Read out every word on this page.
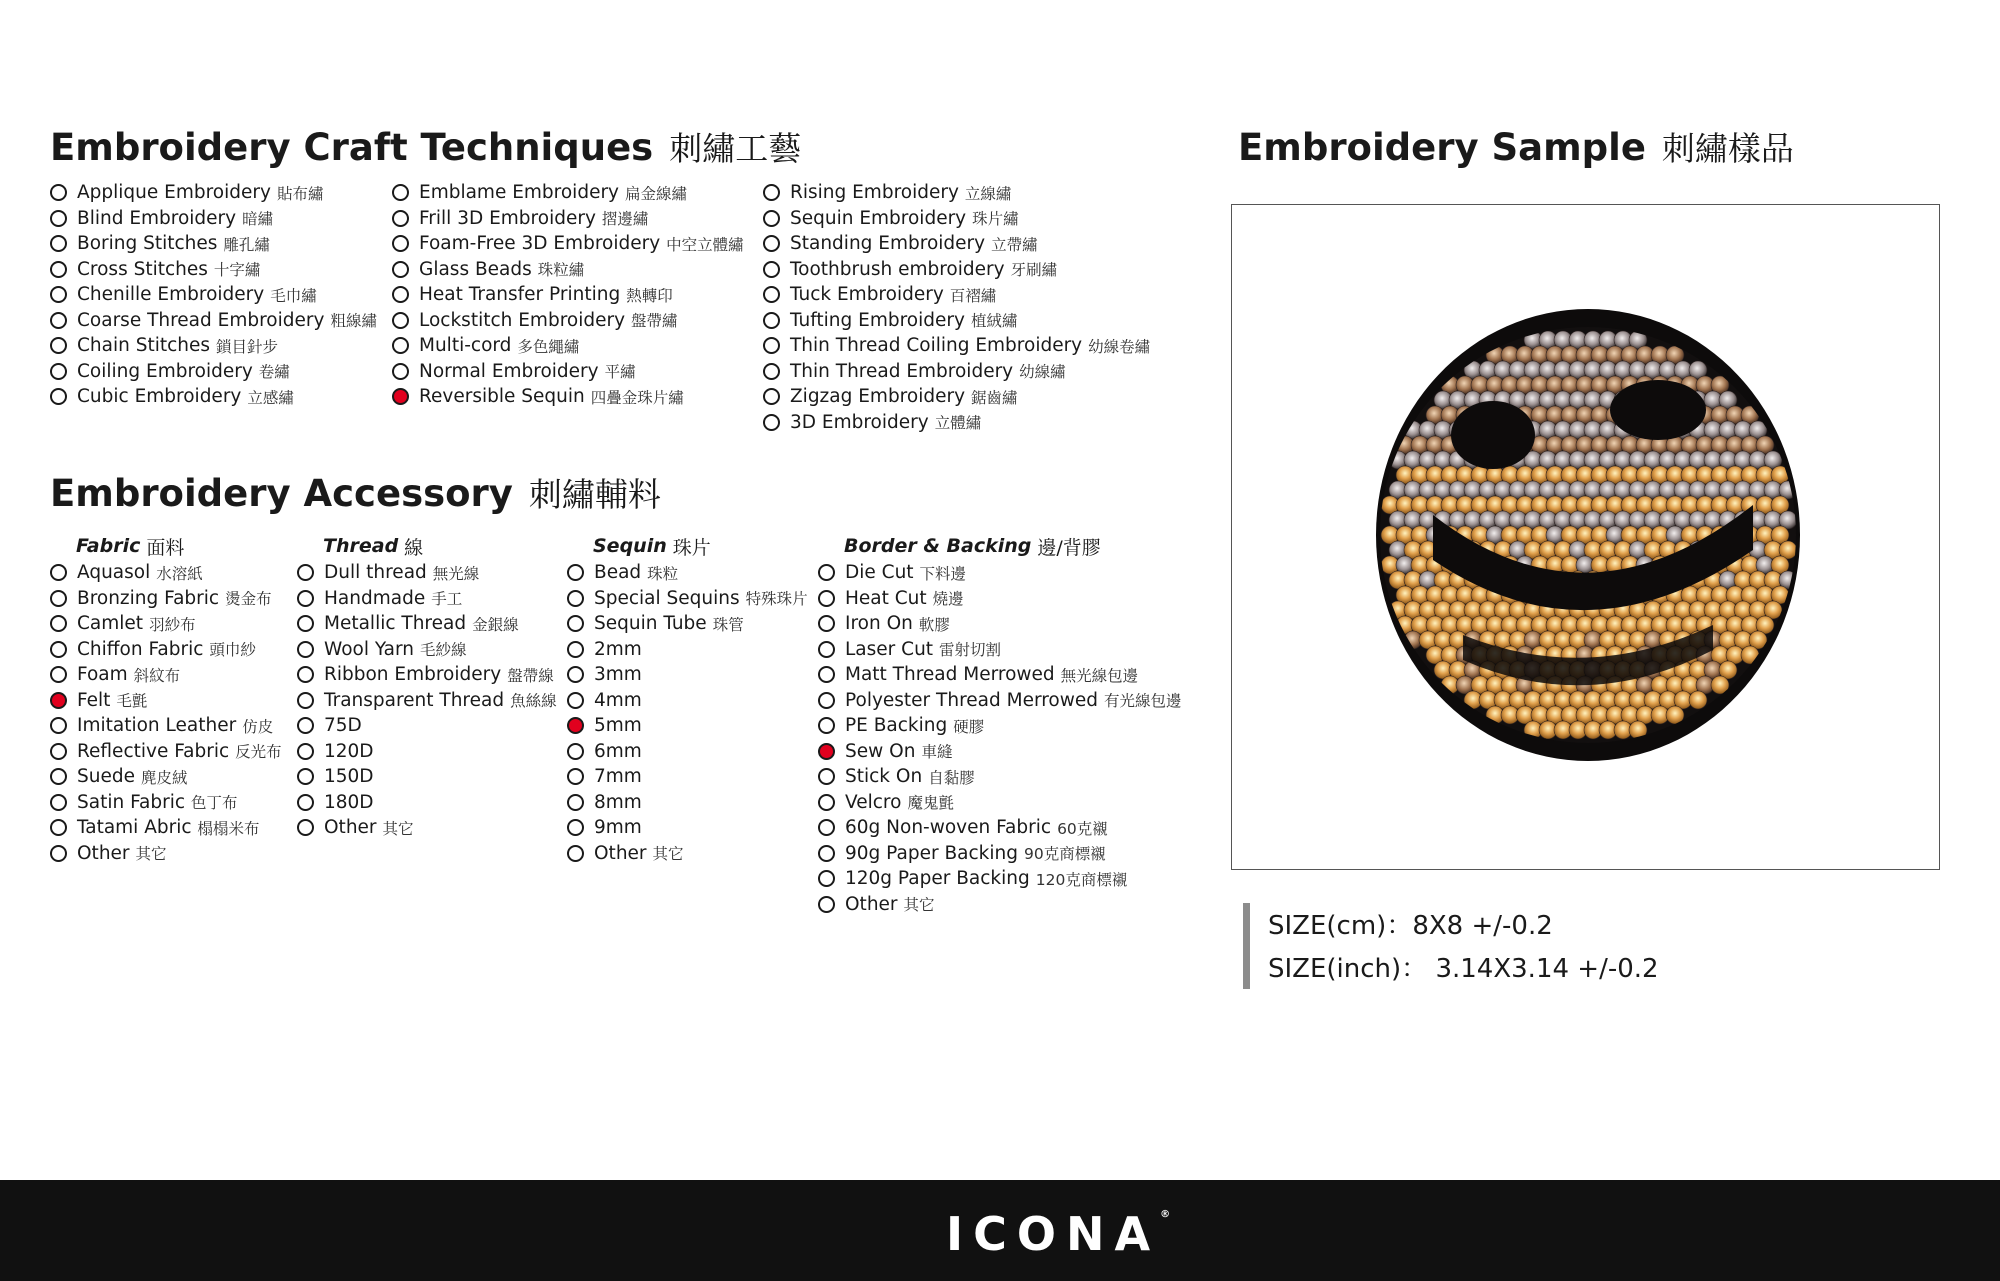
Embroidery Craft Techniques 刺繡工藝
Applique Embroidery 貼布繡
Blind Embroidery 暗繡
Boring Stitches 雕孔繡
Cross Stitches 十字繡
Chenille Embroidery 毛巾繡
Coarse Thread Embroidery 粗線繡
Chain Stitches 鎖目針步
Coiling Embroidery 卷繡
Cubic Embroidery 立感繡
Emblame Embroidery 扁金線繡
Frill 3D Embroidery 摺邊繡
Foam-Free 3D Embroidery 中空立體繡
Glass Beads 珠粒繡
Heat Transfer Printing 熱轉印
Lockstitch Embroidery 盤帶繡
Multi-cord 多色繩繡
Normal Embroidery 平繡
Reversible Sequin 四疊金珠片繡
Rising Embroidery 立線繡
Sequin Embroidery 珠片繡
Standing Embroidery 立帶繡
Toothbrush embroidery 牙刷繡
Tuck Embroidery 百褶繡
Tufting Embroidery 植絨繡
Thin Thread Coiling Embroidery 幼線卷繡
Thin Thread Embroidery 幼線繡
Zigzag Embroidery 鋸齒繡
3D Embroidery 立體繡
Embroidery Accessory 刺繡輔料
Fabric 面料
Aquasol 水溶紙
Bronzing Fabric 燙金布
Camlet 羽紗布
Chiffon Fabric 頭巾紗
Foam 斜紋布
Felt 毛氈
Imitation Leather 仿皮
Reflective Fabric 反光布
Suede 麂皮絨
Satin Fabric 色丁布
Tatami Abric 榻榻米布
Other 其它
Thread 線
Dull thread 無光線
Handmade 手工
Metallic Thread 金銀線
Wool Yarn 毛紗線
Ribbon Embroidery 盤帶線
Transparent Thread 魚絲線
75D
120D
150D
180D
Other 其它
Sequin 珠片
Bead 珠粒
Special Sequins 特殊珠片
Sequin Tube 珠管
2mm
3mm
4mm
5mm
6mm
7mm
8mm
9mm
Other 其它
Border & Backing 邊/背膠
Die Cut 下料邊
Heat Cut 燒邊
Iron On 軟膠
Laser Cut 雷射切割
Matt Thread Merrowed 無光線包邊
Polyester Thread Merrowed 有光線包邊
PE Backing 硬膠
Sew On 車縫
Stick On 自黏膠
Velcro 魔鬼氈
60g Non-woven Fabric 60克襯
90g Paper Backing 90克商標襯
120g Paper Backing 120克商標襯
Other 其它
Embroidery Sample 刺繡樣品
SIZE(cm)：8X8 +/-0.2
SIZE(inch)： 3.14X3.14 +/-0.2
ICONA®
